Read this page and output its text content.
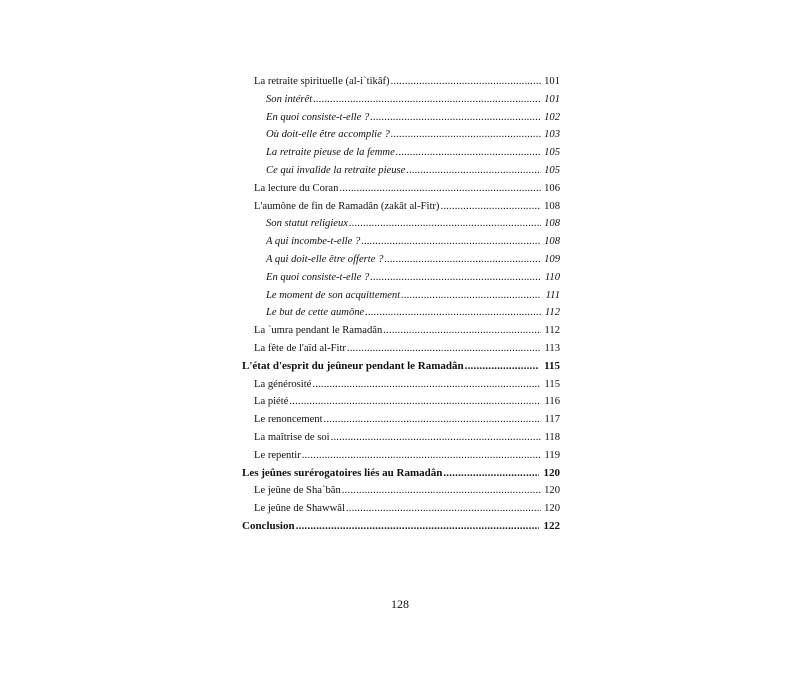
La retraite spirituelle (al-i`tikâf) .....	101
Son intérêt .....	101
En quoi consiste-t-elle ? .....	102
Où doit-elle être accomplie ? .....	103
La retraite pieuse de la femme .....	105
Ce qui invalide la retraite pieuse .....	105
La lecture du Coran .....	106
L'aumône de fin de Ramadân (zakât al-Fitr) .....	108
Son statut religieux .....	108
A qui incombe-t-elle ? .....	108
A qui doit-elle être offerte ? .....	109
En quoi consiste-t-elle ? .....	110
Le moment de son acquittement .....	111
Le but de cette aumône .....	112
La `umra pendant le Ramadân .....	112
La fête de l'aïd al-Fitr .....	113
L'état d'esprit du jeûneur pendant le Ramadân .....	115
La générosité .....	115
La piété .....	116
Le renoncement .....	117
La maîtrise de soi .....	118
Le repentir .....	119
Les jeûnes surérogatoires liés au Ramadân .....	120
Le jeûne de Sha`bân .....	120
Le jeûne de Shawwâl .....	120
Conclusion .....	122
128
